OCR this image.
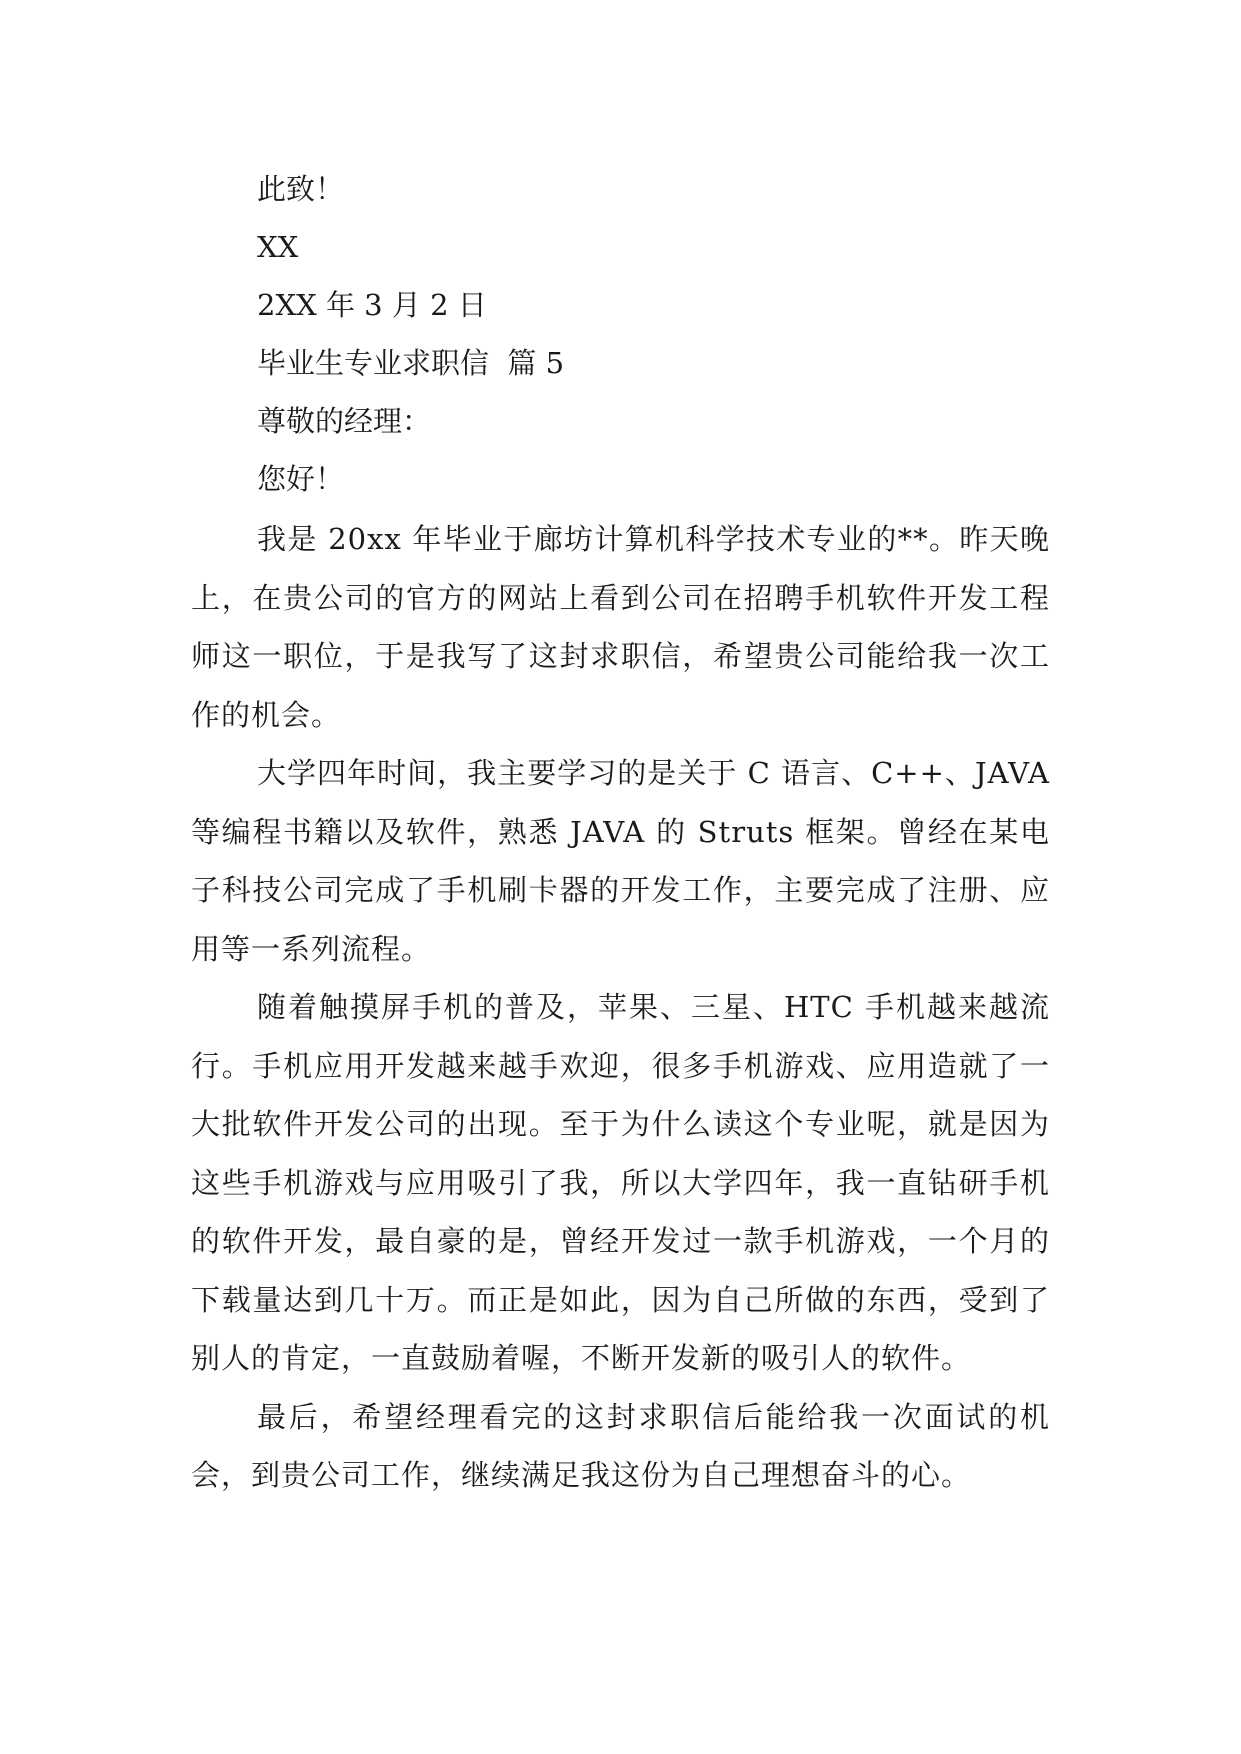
此致！
XX
2XX 年 3 月 2 日
毕业生专业求职信  篇 5
尊敬的经理：
您好！

我是 20xx 年毕业于廊坊计算机科学技术专业的**。昨天晚上，在贵公司的官方的网站上看到公司在招聘手机软件开发工程师这一职位，于是我写了这封求职信，希望贵公司能给我一次工作的机会。

大学四年时间，我主要学习的是关于 C 语言、C++、JAVA 等编程书籍以及软件，熟悉 JAVA 的 Struts 框架。曾经在某电子科技公司完成了手机刷卡器的开发工作，主要完成了注册、应用等一系列流程。

随着触摸屏手机的普及，苹果、三星、HTC 手机越来越流行。手机应用开发越来越手欢迎，很多手机游戏、应用造就了一大批软件开发公司的出现。至于为什么读这个专业呢，就是因为这些手机游戏与应用吸引了我，所以大学四年，我一直钻研手机的软件开发，最自豪的是，曾经开发过一款手机游戏，一个月的下载量达到几十万。而正是如此，因为自己所做的东西，受到了别人的肯定，一直鼓励着喔，不断开发新的吸引人的软件。

最后，希望经理看完的这封求职信后能给我一次面试的机会，到贵公司工作，继续满足我这份为自己理想奋斗的心。
